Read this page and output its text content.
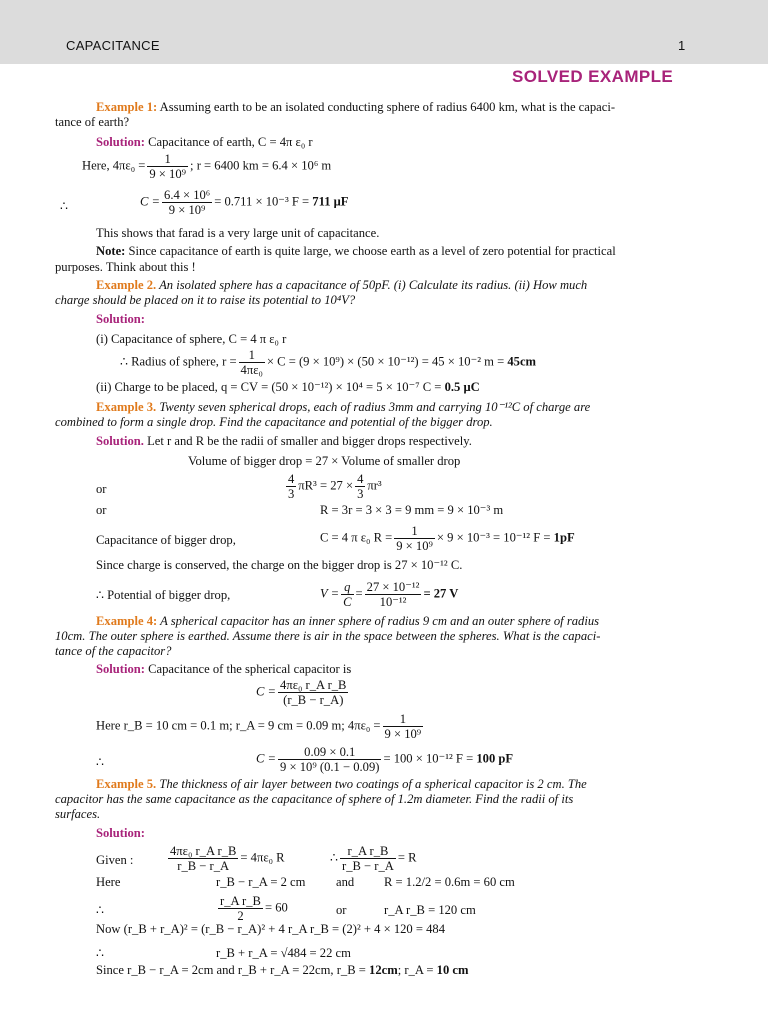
CAPACITANCE	1
SOLVED EXAMPLE
Example 1: Assuming earth to be an isolated conducting sphere of radius 6400 km, what is the capaci-
tance of earth?
Solution: Capacitance of earth, C = 4π ε₀ r
Here, $4\pi\varepsilon_0 = \frac{1}{\text{9 × 10⁹}}$ ; r = 6400 km = 6.4 × 10⁶ m
∴	$C = \frac{\text{6.4 × 10⁶}}{\text{9 × 10⁹}} = 0.711 \times 10^{-3}$ F = 711 μF
This shows that farad is a very large unit of capacitance.
Note: Since capacitance of earth is quite large, we choose earth as a level of zero potential for practical
purposes. Think about this !
Example 2. An isolated sphere has a capacitance of 50pF. (i) Calculate its radius. (ii) How much
charge should be placed on it to raise its potential to 10⁴V?
Solution:
(i) Capacitance of sphere, C = 4 π ε₀ r
∴ Radius of sphere, $r = \frac{1}{\text{4πε₀}} \times C = (9 \times 10^9) \times (50 \times 10^{-12}) = 45 \times 10^{-2}$ m = 45cm
(ii) Charge to be placed, q = CV = (50 × 10⁻¹²) × 10⁴ = 5 × 10⁻⁷ C = 0.5 μC
Example 3. Twenty seven spherical drops, each of radius 3mm and carrying 10⁻¹²C of charge are
combined to form a single drop. Find the capacitance and potential of the bigger drop.
Solution. Let r and R be the radii of smaller and bigger drops respectively.
Volume of bigger drop = 27 × Volume of smaller drop
or	$\frac{4}{3} \pi R^3 = 27 \times \frac{4}{3} \pi r^3$
or	R = 3r = 3 × 3 = 9 mm = 9 × 10⁻³ m
Capacitance of bigger drop,	C = 4 π ε₀ $R = \frac{1}{\text{9 × 10⁹}} \times 9 \times 10^{-3} = 10^{-12}$ F = 1pF
Since charge is conserved, the charge on the bigger drop is 27 × 10⁻¹² C.
∴ Potential of bigger drop,	$V = \frac{q}{C} = \frac{\text{27 × 10⁻¹²}}{\text{10⁻¹²}} = 27$ V
Example 4: A spherical capacitor has an inner sphere of radius 9 cm and an outer sphere of radius
10cm. The outer sphere is earthed. Assume there is air in the space between the spheres. What is the capaci-
tance of the capacitor?
Solution: Capacitance of the spherical capacitor is
$C = \frac{\text{4πε₀ r\_A r\_B}}{(r\_B - r\_A)}$
Here r_B = 10 cm = 0.1 m; r_A = 9 cm = 0.09 m; $4\pi\varepsilon_0 = \frac{1}{\text{9 × 10⁹}}$
∴	$C = \frac{0.09 \times 0.1}{\text{9 × 10⁹ (0.1 − 0.09)}} = 100 \times 10^{-12}$ F = 100 pF
Example 5. The thickness of air layer between two coatings of a spherical capacitor is 2 cm. The
capacitor has the same capacitance as the capacitance of sphere of 1.2m diameter. Find the radii of its
surfaces.
Solution:
Given :	$\frac{\text{4πε₀ r\_A r\_B}}{r\_B - r\_A} = 4\pi\varepsilon_0$ R	∴ $\frac{\text{r\_A r\_B}}{r\_B - r\_A} = R$
Here	r_B − r_A = 2 cm and R = 1.2/2 = 0.6m = 60 cm
∴	$\frac{\text{r\_A r\_B}}{2} = 60$	or	r_A r_B = 120 cm
Now (r_B + r_A)² = (r_B − r_A)² + 4 r_A r_B = (2)² + 4 × 120 = 484
∴	r_B + r_A = √484 = 22 cm
Since r_B − r_A = 2cm and r_B + r_A = 22cm, r_B = 12cm; r_A = 10 cm
